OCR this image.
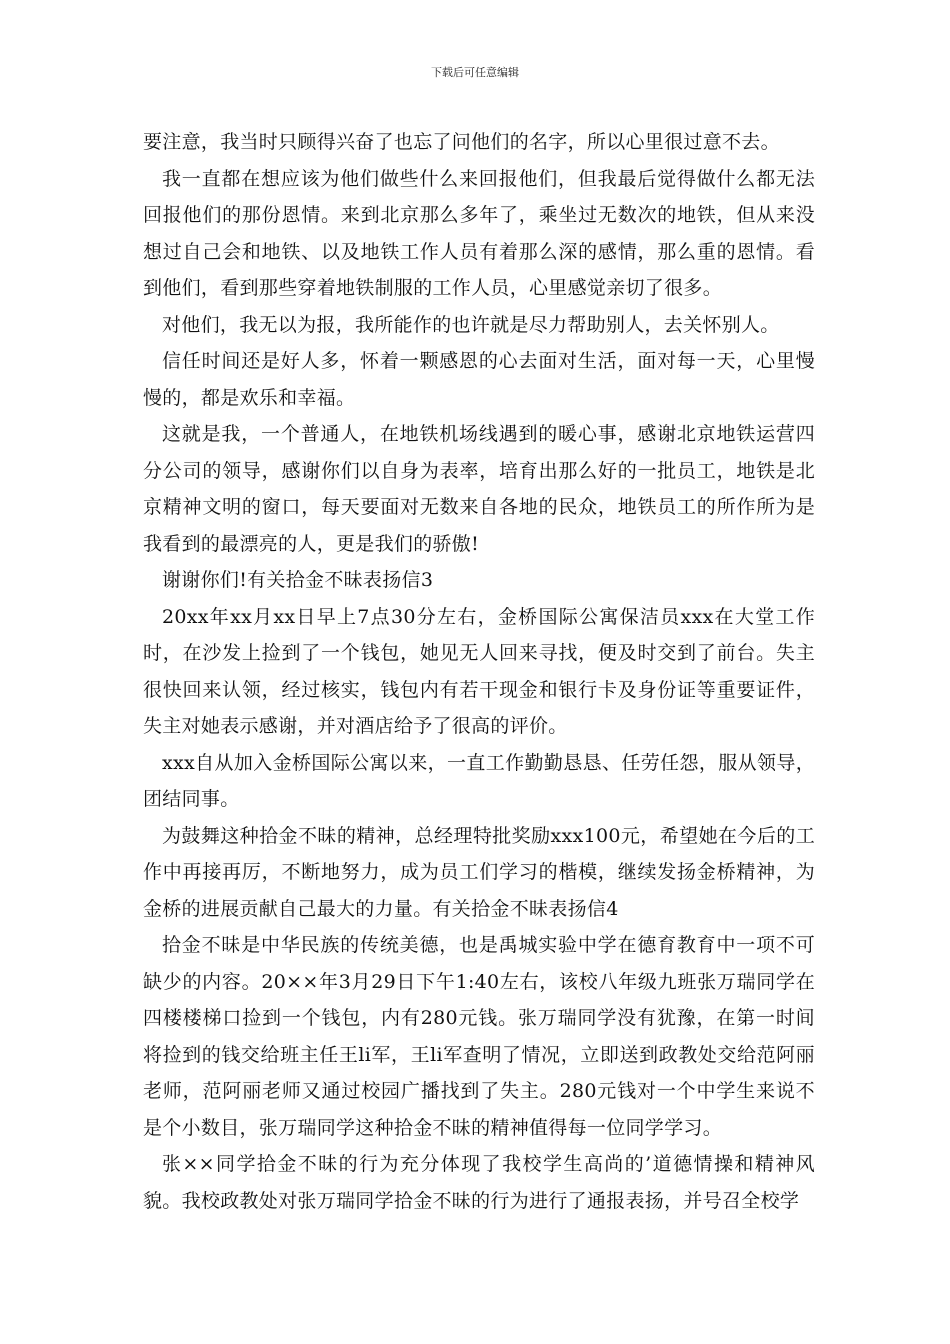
下载后可任意编辑

要注意，我当时只顾得兴奋了也忘了问他们的名字，所以心里很过意不去。

我一直都在想应该为他们做些什么来回报他们，但我最后觉得做什么都无法回报他们的那份恩情。来到北京那么多年了，乘坐过无数次的地铁，但从来没想过自己会和地铁、以及地铁工作人员有着那么深的感情，那么重的恩情。看到他们，看到那些穿着地铁制服的工作人员，心里感觉亲切了很多。

对他们，我无以为报，我所能作的也许就是尽力帮助别人，去关怀别人。

信任时间还是好人多，怀着一颗感恩的心去面对生活，面对每一天，心里慢慢的，都是欢乐和幸福。

这就是我，一个普通人，在地铁机场线遇到的暖心事，感谢北京地铁运营四分公司的领导，感谢你们以自身为表率，培育出那么好的一批员工，地铁是北京精神文明的窗口，每天要面对无数来自各地的民众，地铁员工的所作所为是我看到的最漂亮的人，更是我们的骄傲!

谢谢你们!有关拾金不昧表扬信3

20xx年xx月xx日早上7点30分左右，金桥国际公寓保洁员xxx在大堂工作时，在沙发上捡到了一个钱包，她见无人回来寻找，便及时交到了前台。失主很快回来认领，经过核实，钱包内有若干现金和银行卡及身份证等重要证件，失主对她表示感谢，并对酒店给予了很高的评价。

xxx自从加入金桥国际公寓以来，一直工作勤勤恳恳、任劳任怨，服从领导，团结同事。

为鼓舞这种拾金不昧的精神，总经理特批奖励xxx100元，希望她在今后的工作中再接再厉，不断地努力，成为员工们学习的楷模，继续发扬金桥精神，为金桥的进展贡献自己最大的力量。有关拾金不昧表扬信4

拾金不昧是中华民族的传统美德，也是禹城实验中学在德育教育中一项不可缺少的内容。20××年3月29日下午1:40左右，该校八年级九班张万瑞同学在四楼楼梯口捡到一个钱包，内有280元钱。张万瑞同学没有犹豫，在第一时间将捡到的钱交给班主任王li军，王li军查明了情况，立即送到政教处交给范阿丽老师，范阿丽老师又通过校园广播找到了失主。280元钱对一个中学生来说不是个小数目，张万瑞同学这种拾金不昧的精神值得每一位同学学习。

张××同学拾金不昧的行为充分体现了我校学生高尚的’道德情操和精神风貌。我校政教处对张万瑞同学拾金不昧的行为进行了通报表扬，并号召全校学
